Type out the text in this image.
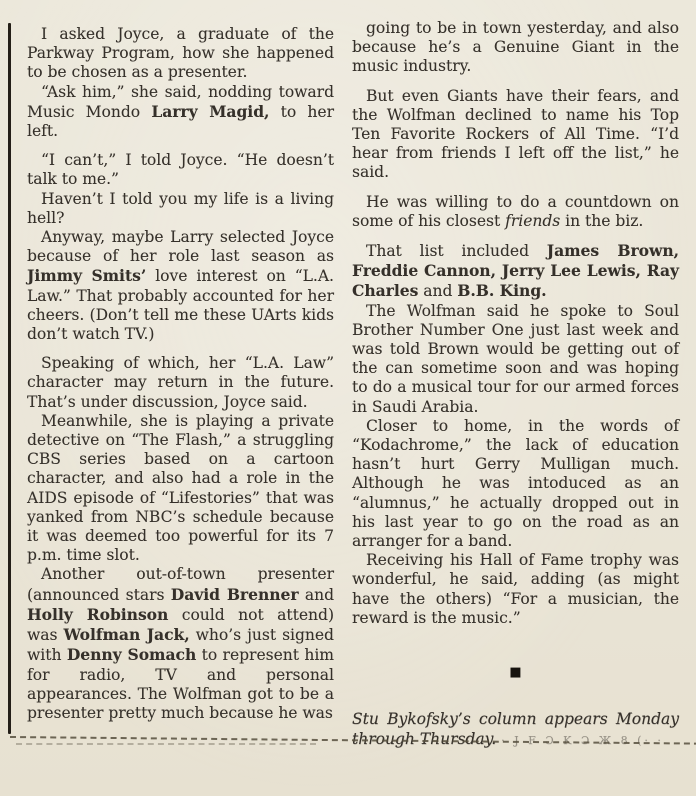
I asked Joyce, a graduate of the Parkway Program, how she happened to be chosen as a presenter.

“Ask him,” she said, nodding toward Music Mondo Larry Magid, to her left.

“I can’t,” I told Joyce. “He doesn’t talk to me.”

Haven’t I told you my life is a living hell?

Anyway, maybe Larry selected Joyce because of her role last season as Jimmy Smits’ love interest on “L.A. Law.” That probably accounted for her cheers. (Don’t tell me these UArts kids don’t watch TV.)

Speaking of which, her “L.A. Law” character may return in the future. That’s under discussion, Joyce said.

Meanwhile, she is playing a private detective on “The Flash,” a struggling CBS series based on a cartoon character, and also had a role in the AIDS episode of “Lifestories” that was yanked from NBC’s schedule because it was deemed too powerful for its 7 p.m. time slot.

Another out-of-town presenter (announced stars David Brenner and Holly Robinson could not attend) was Wolfman Jack, who’s just signed with Denny Somach to represent him for radio, TV and personal appearances. The Wolfman got to be a presenter pretty much because he was

going to be in town yesterday, and also because he’s a Genuine Giant in the music industry.

But even Giants have their fears, and the Wolfman declined to name his Top Ten Favorite Rockers of All Time. “I’d hear from friends I left off the list,” he said.

He was willing to do a countdown on some of his closest friends in the biz.

That list included James Brown, Freddie Cannon, Jerry Lee Lewis, Ray Charles and B.B. King.

The Wolfman said he spoke to Soul Brother Number One just last week and was told Brown would be getting out of the can sometime soon and was hoping to do a musical tour for our armed forces in Saudi Arabia.

Closer to home, in the words of “Kodachrome,” the lack of education hasn’t hurt Gerry Mulligan much. Although he was intoduced as an “alumnus,” he actually dropped out in his last year to go on the road as an arranger for a band.

Receiving his Hall of Fame trophy was wonderful, he said, adding (as might have the others) “For a musician, the reward is the music.”

■

Stu Bykofsky’s column appears Monday through Thursday. · J F Ɔ K Ɔ Ж 8 (· ·
